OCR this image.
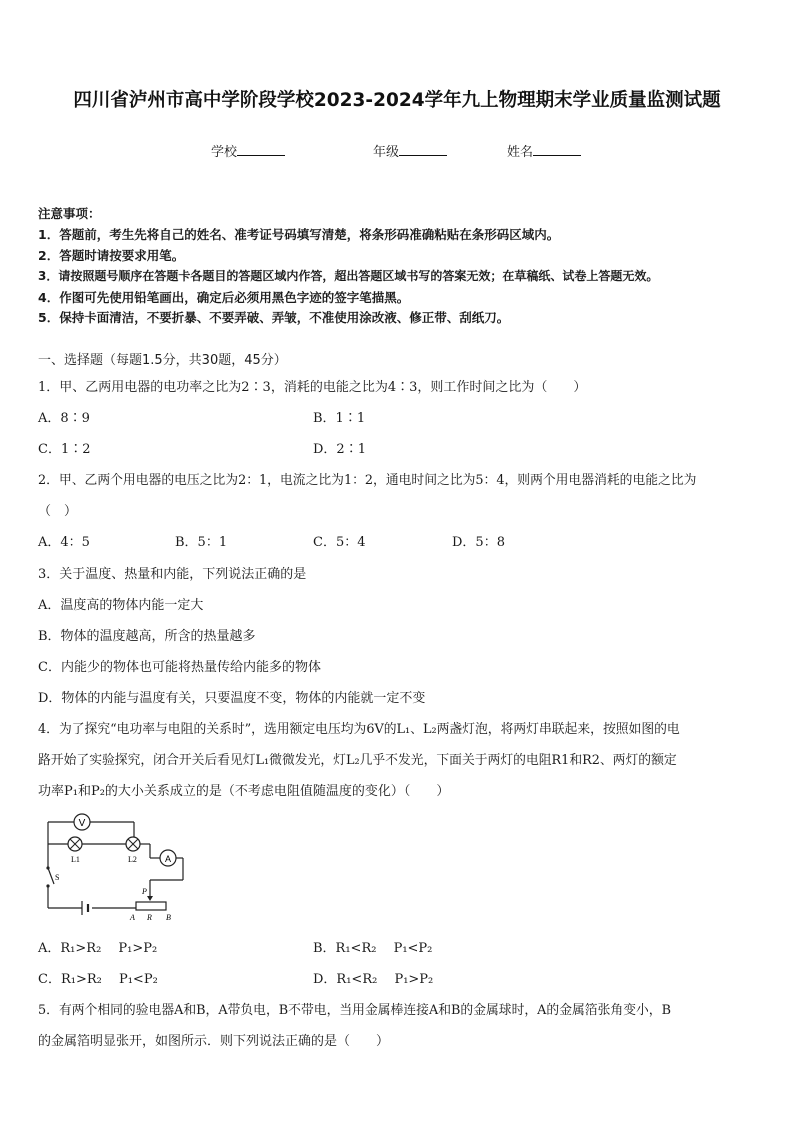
四川省泸州市高中学阶段学校2023-2024学年九上物理期末学业质量监测试题
学校	年级	姓名
注意事项：
1．答题前，考生先将自己的姓名、准考证号码填写清楚，将条形码准确粘贴在条形码区域内。
2．答题时请按要求用笔。
3．请按照题号顺序在答题卡各题目的答题区域内作答，超出答题区域书写的答案无效；在草稿纸、试卷上答题无效。
4．作图可先使用铅笔画出，确定后必须用黑色字迹的签字笔描黑。
5．保持卡面清洁，不要折暴、不要弄破、弄皱，不准使用涂改液、修正带、刮纸刀。
一、选择题（每题1.5分，共30题，45分）
1．甲、乙两用电器的电功率之比为2∶3，消耗的电能之比为4∶3，则工作时间之比为（　　）
A．8∶9	B．1∶1
C．1∶2	D．2∶1
2．甲、乙两个用电器的电压之比为2：1，电流之比为1：2，通电时间之比为5：4，则两个用电器消耗的电能之比为
（　）
A．4：5	B．5：1	C．5：4	D．5：8
3．关于温度、热量和内能，下列说法正确的是
A．温度高的物体内能一定大
B．物体的温度越高，所含的热量越多
C．内能少的物体也可能将热量传给内能多的物体
D．物体的内能与温度有关，只要温度不变，物体的内能就一定不变
4．为了探究“电功率与电阻的关系时”，选用额定电压均为6V的L₁、L₂两盏灯泡，将两灯串联起来，按照如图的电
路开始了实验探究，闭合开关后看见灯L₁微微发光，灯L₂几乎不发光，下面关于两灯的电阻R1和R2、两灯的额定
功率P₁和P₂的大小关系成立的是（不考虑电阻值随温度的变化）（　　）
V
L1	L2	A
S
P
A R B
A．R₁>R₂　 P₁>P₂	B．R₁<R₂　 P₁<P₂
C．R₁>R₂　 P₁<P₂	D．R₁<R₂　 P₁>P₂
5．有两个相同的验电器A和B，A带负电，B不带电，当用金属棒连接A和B的金属球时，A的金属箔张角变小，B
的金属箔明显张开，如图所示．则下列说法正确的是（　　）
